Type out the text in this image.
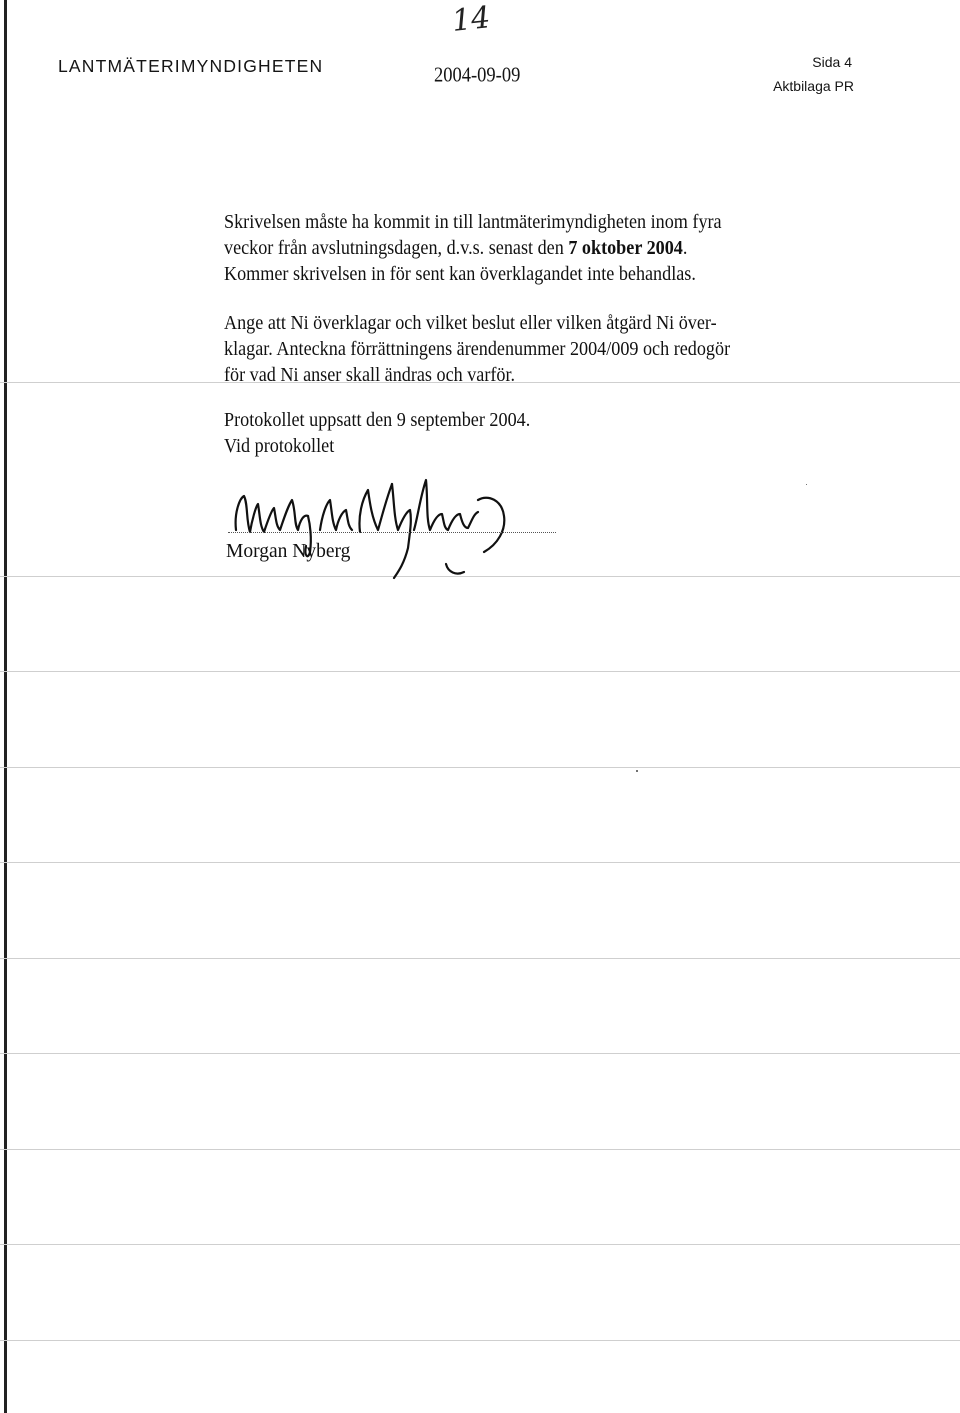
14
LANTMÄTERIMYNDIGHETEN	2004-09-09
Sida 4
Aktbilaga PR
Skrivelsen måste ha kommit in till lantmäterimyndigheten inom fyra
veckor från avslutningsdagen, d.v.s. senast den 7 oktober 2004.
Kommer skrivelsen in för sent kan överklagandet inte behandlas.
Ange att Ni överklagar och vilket beslut eller vilken åtgärd Ni över-
klagar. Anteckna förrättningens ärendenummer 2004/009 och redogör
för vad Ni anser skall ändras och varför.
Protokollet uppsatt den 9 september 2004.
Vid protokollet
Morgan Nyberg
